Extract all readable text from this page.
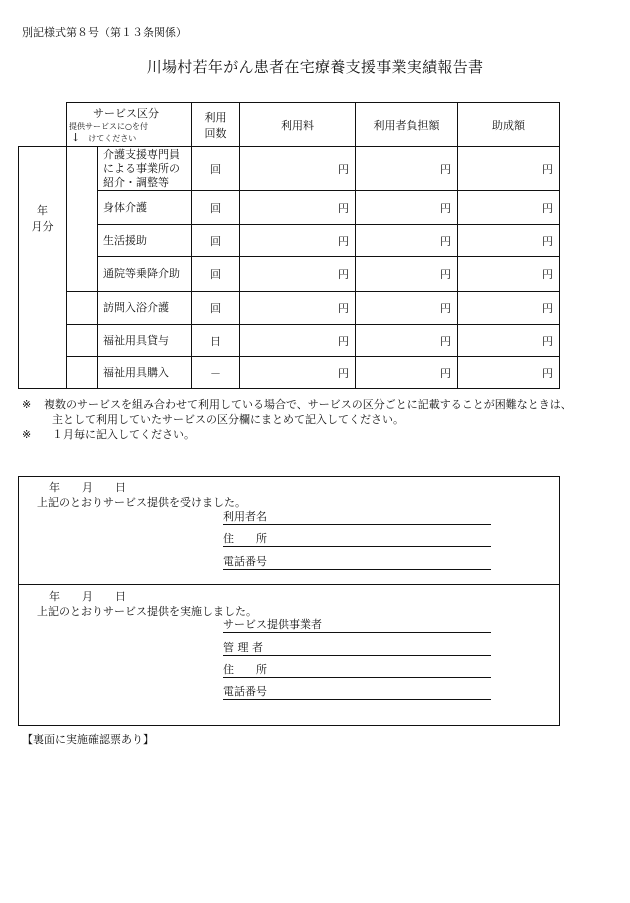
別記様式第８号（第１３条関係）
川場村若年がん患者在宅療養支援事業実績報告書
サービス区分
提供サービスに○を付
↓ けてください
利用
回数
利用料	利用者負担額	助成額
年
月分
介護支援専門員
による事業所の
紹介・調整等
回	円	円	円
身体介護	回	円	円	円
生活援助	回	円	円	円
通院等乗降介助	回	円	円	円
訪問入浴介護	回	円	円	円
福祉用具貸与	日	円	円	円
福祉用具購入	－	円	円	円
※	複数のサービスを組み合わせて利用している場合で、サービスの区分ごとに記載することが困難なときは、
主として利用していたサービスの区分欄にまとめて記入してください。
※	１月毎に記入してください。
年　　月　　日
上記のとおりサービス提供を受けました。
利用者名
住　　所
電話番号
年　　月　　日
上記のとおりサービス提供を実施しました。
サービス提供事業者
管 理 者
住　　所
電話番号
【裏面に実施確認票あり】
